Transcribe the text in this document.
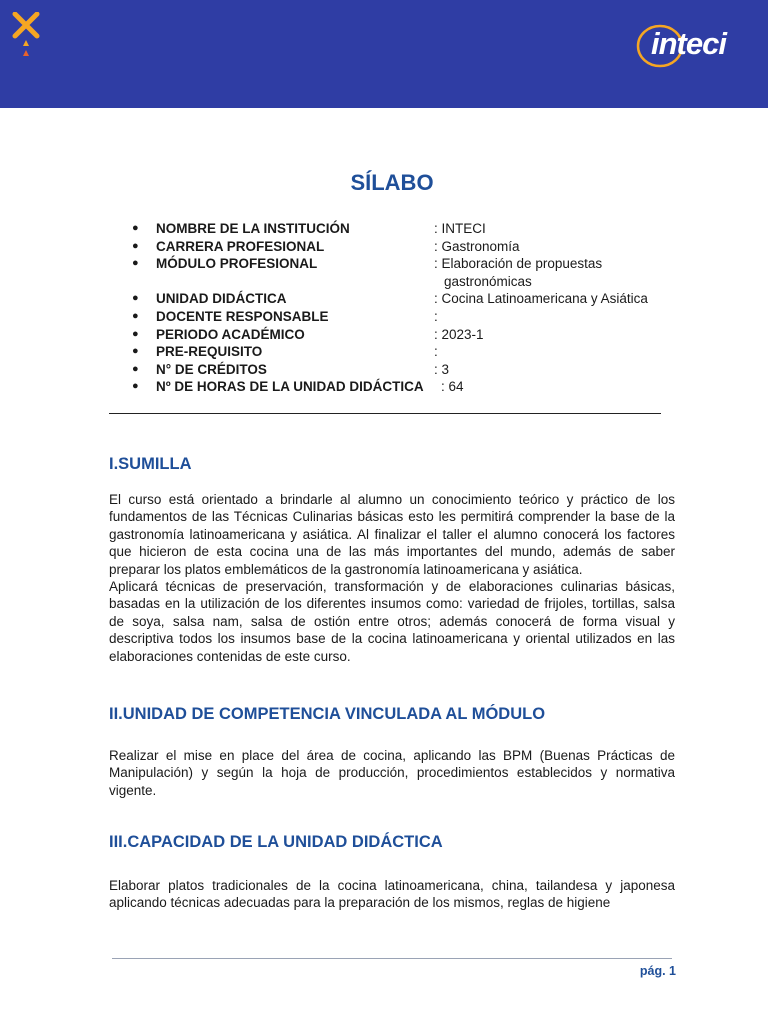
inteci
SÍLABO
● NOMBRE DE LA INSTITUCIÓN	: INTECI
● CARRERA PROFESIONAL	: Gastronomía
● MÓDULO PROFESIONAL	: Elaboración de propuestas
gastronómicas
● UNIDAD DIDÁCTICA	: Cocina Latinoamericana y Asiática
● DOCENTE RESPONSABLE	:
● PERIODO ACADÉMICO	: 2023-1
● PRE-REQUISITO	:
● N° DE CRÉDITOS	: 3
● Nº DE HORAS DE LA UNIDAD DIDÁCTICA : 64
I.SUMILLA

El curso está orientado a brindarle al alumno un conocimiento teórico y práctico de los fundamentos de las Técnicas Culinarias básicas esto les permitirá comprender la base de la gastronomía latinoamericana y asiática. Al finalizar el taller el alumno conocerá los factores que hicieron de esta cocina una de las más importantes del mundo, además de saber preparar los platos emblemáticos de la gastronomía latinoamericana y asiática.
Aplicará técnicas de preservación, transformación y de elaboraciones culinarias básicas, basadas en la utilización de los diferentes insumos como: variedad de frijoles, tortillas, salsa de soya, salsa nam, salsa de ostión entre otros; además conocerá de forma visual y descriptiva todos los insumos base de la cocina latinoamericana y oriental utilizados en las elaboraciones contenidas de este curso.

II.UNIDAD DE COMPETENCIA VINCULADA AL MÓDULO

Realizar el mise en place del área de cocina, aplicando las BPM (Buenas Prácticas de Manipulación) y según la hoja de producción, procedimientos establecidos y normativa vigente.

III.CAPACIDAD DE LA UNIDAD DIDÁCTICA

Elaborar platos tradicionales de la cocina latinoamericana, china, tailandesa y japonesa aplicando técnicas adecuadas para la preparación de los mismos, reglas de higiene

pág. 1
